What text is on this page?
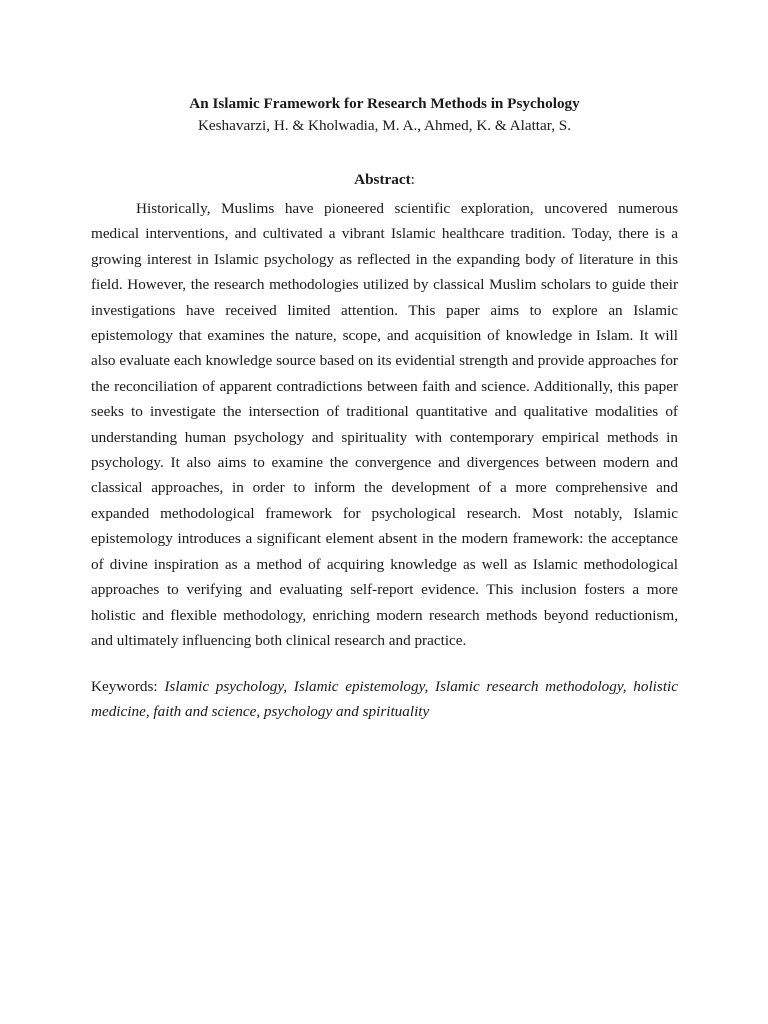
An Islamic Framework for Research Methods in Psychology

Keshavarzi, H. & Kholwadia, M. A., Ahmed, K. & Alattar, S.

Abstract:

Historically, Muslims have pioneered scientific exploration, uncovered numerous medical interventions, and cultivated a vibrant Islamic healthcare tradition. Today, there is a growing interest in Islamic psychology as reflected in the expanding body of literature in this field. However, the research methodologies utilized by classical Muslim scholars to guide their investigations have received limited attention. This paper aims to explore an Islamic epistemology that examines the nature, scope, and acquisition of knowledge in Islam. It will also evaluate each knowledge source based on its evidential strength and provide approaches for the reconciliation of apparent contradictions between faith and science. Additionally, this paper seeks to investigate the intersection of traditional quantitative and qualitative modalities of understanding human psychology and spirituality with contemporary empirical methods in psychology. It also aims to examine the convergence and divergences between modern and classical approaches, in order to inform the development of a more comprehensive and expanded methodological framework for psychological research. Most notably, Islamic epistemology introduces a significant element absent in the modern framework: the acceptance of divine inspiration as a method of acquiring knowledge as well as Islamic methodological approaches to verifying and evaluating self-report evidence. This inclusion fosters a more holistic and flexible methodology, enriching modern research methods beyond reductionism, and ultimately influencing both clinical research and practice.

Keywords: Islamic psychology, Islamic epistemology, Islamic research methodology, holistic medicine, faith and science, psychology and spirituality
